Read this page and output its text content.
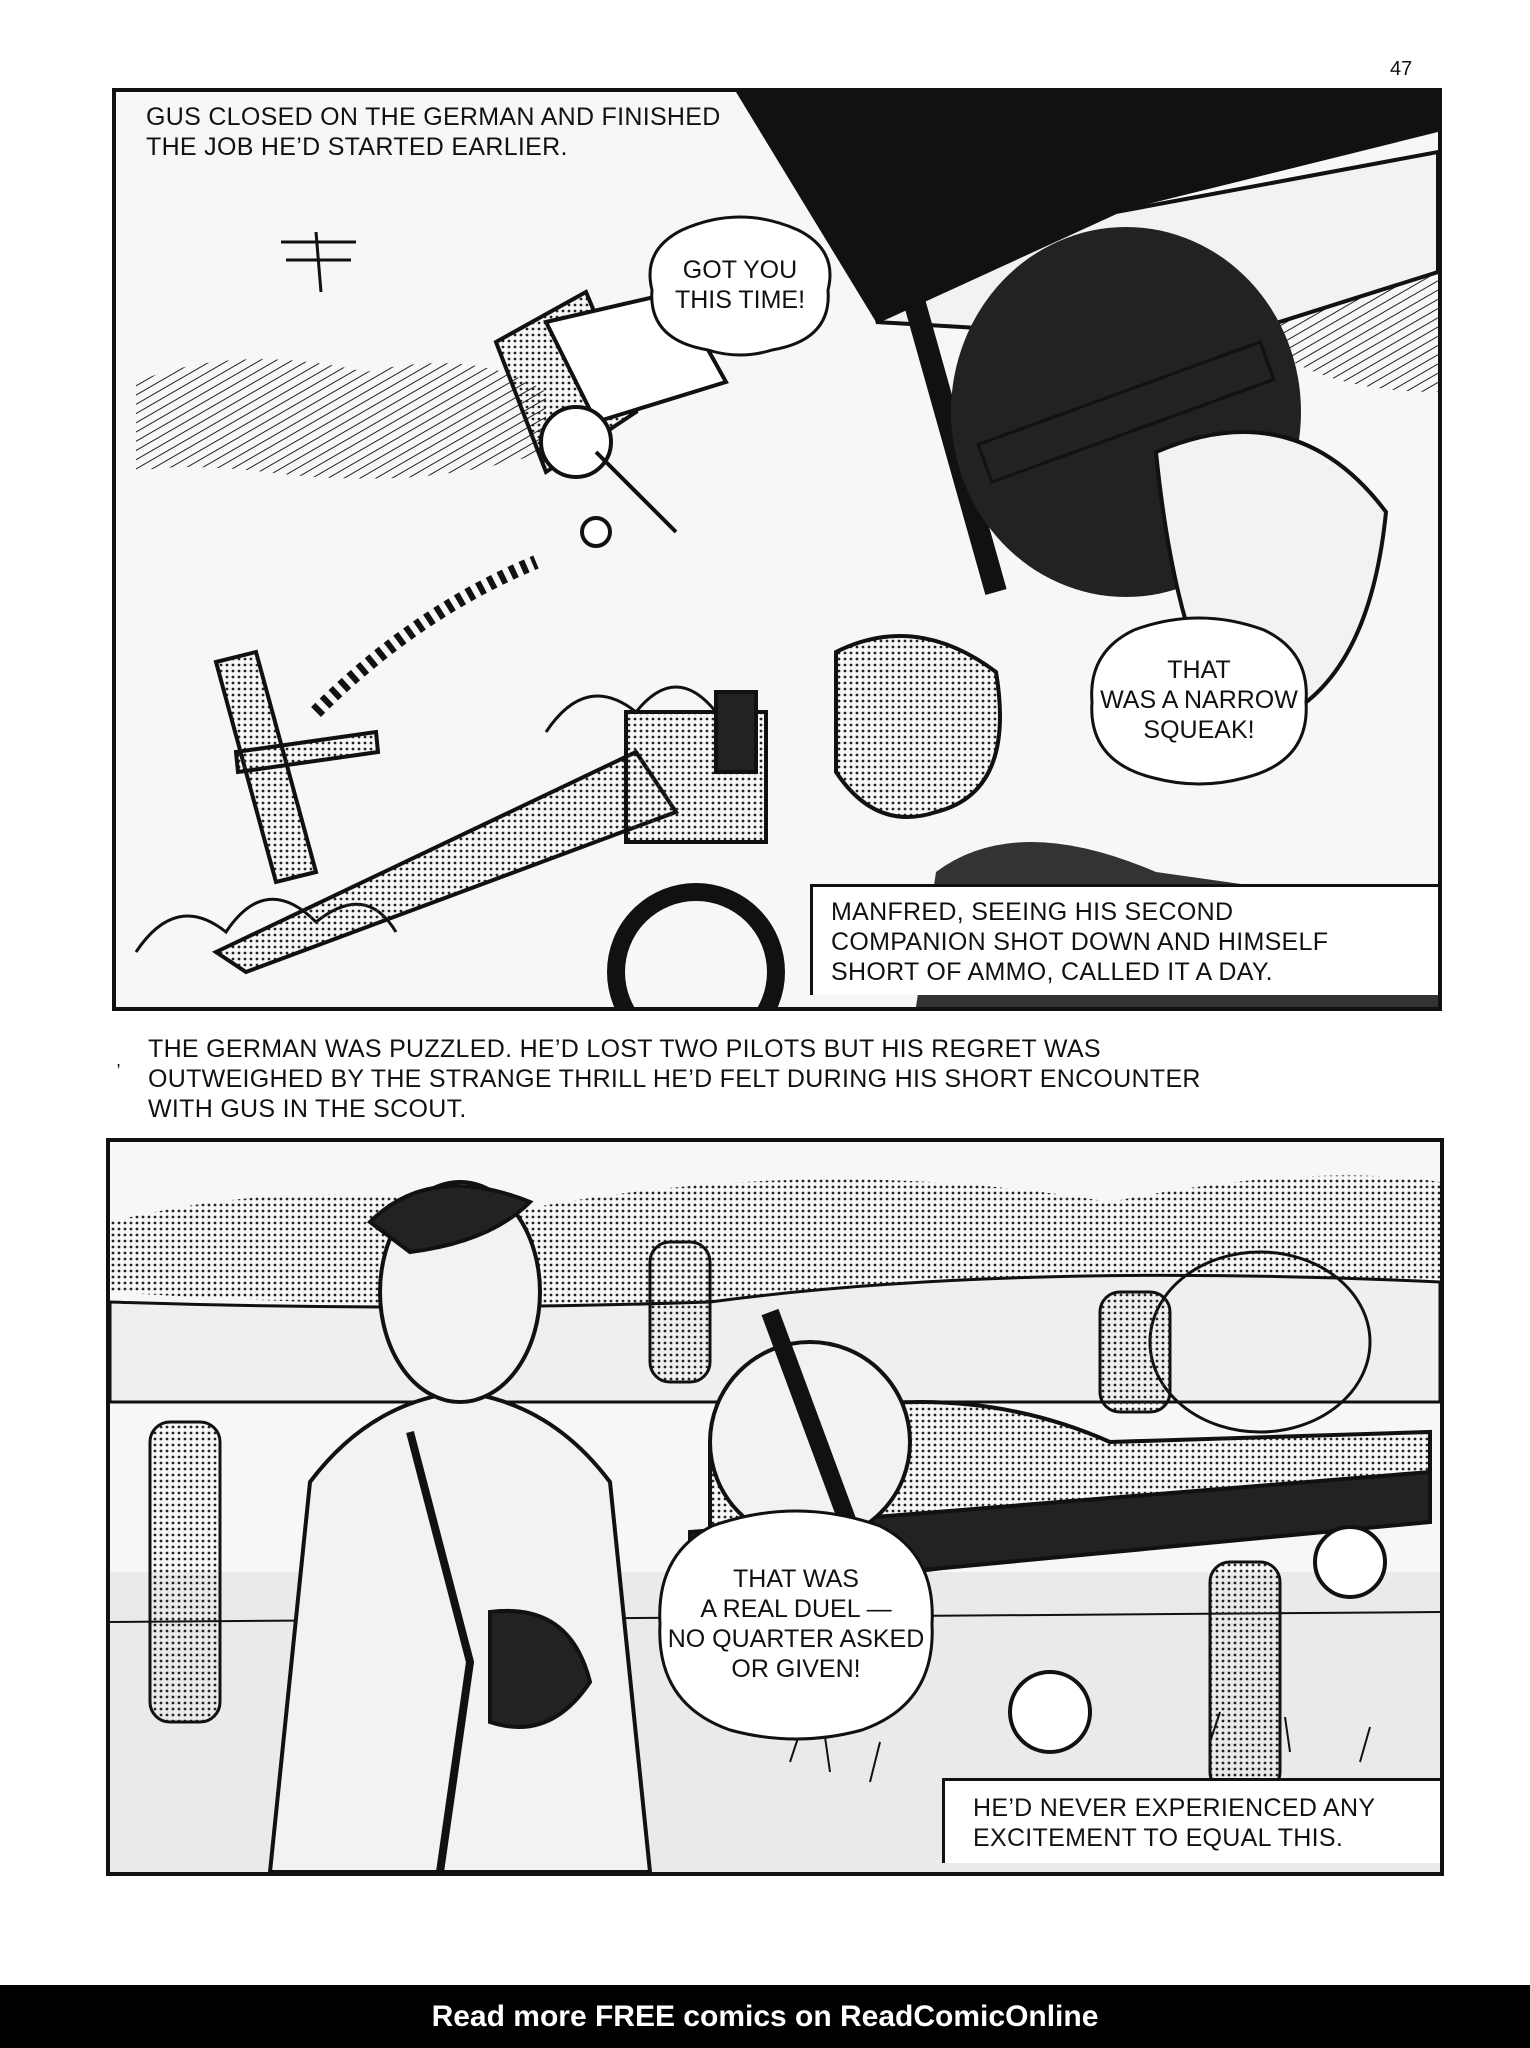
47
GUS CLOSED ON THE GERMAN AND FINISHED
THE JOB HE’D STARTED EARLIER.
GOT YOU
THIS TIME!
THAT
WAS A NARROW
SQUEAK!
MANFRED, SEEING HIS SECOND
COMPANION SHOT DOWN AND HIMSELF
SHORT OF AMMO, CALLED IT A DAY.
, THE GERMAN WAS PUZZLED. HE’D LOST TWO PILOTS BUT HIS REGRET WAS OUTWEIGHED BY THE STRANGE THRILL HE’D FELT DURING HIS SHORT ENCOUNTER WITH GUS IN THE SCOUT.
THAT WAS
A REAL DUEL —
NO QUARTER ASKED
OR GIVEN!
HE’D NEVER EXPERIENCED ANY
EXCITEMENT TO EQUAL THIS.
Read more FREE comics on ReadComicOnline
